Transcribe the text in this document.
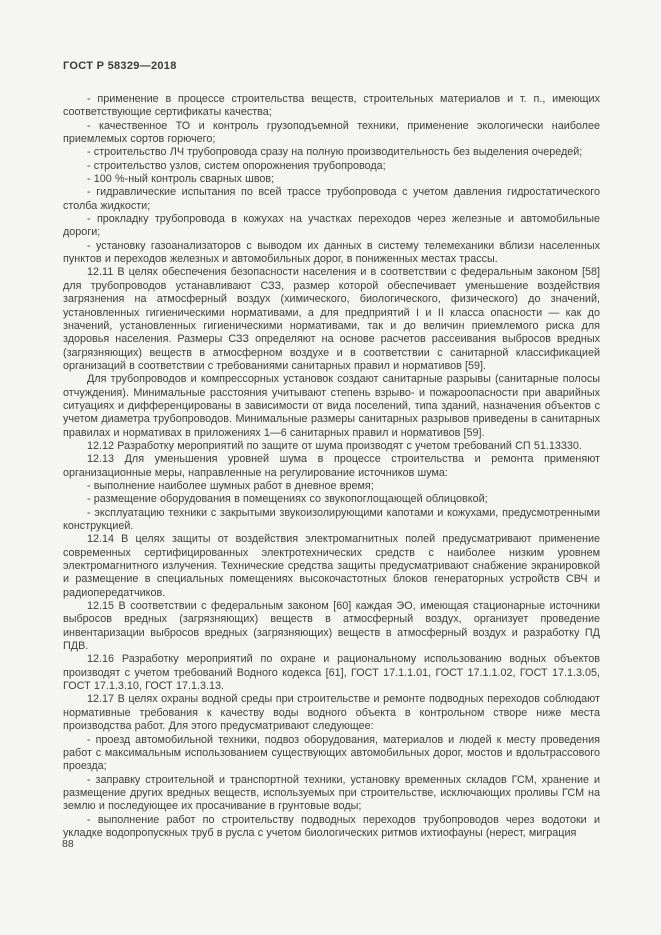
ГОСТ Р 58329—2018

- применение в процессе строительства веществ, строительных материалов и т. п., имеющих соответствующие сертификаты качества;

- качественное ТО и контроль грузоподъемной техники, применение экологически наиболее приемлемых сортов горючего;

- строительство ЛЧ трубопровода сразу на полную производительность без выделения очередей;

- строительство узлов, систем опорожнения трубопровода;

- 100 %-ный контроль сварных швов;

- гидравлические испытания по всей трассе трубопровода с учетом давления гидростатического столба жидкости;

- прокладку трубопровода в кожухах на участках переходов через железные и автомобильные дороги;

- установку газоанализаторов с выводом их данных в систему телемеханики вблизи населенных пунктов и переходов железных и автомобильных дорог, в пониженных местах трассы.

12.11 В целях обеспечения безопасности населения и в соответствии с федеральным законом [58] для трубопроводов устанавливают СЗЗ, размер которой обеспечивает уменьшение воздействия загрязнения на атмосферный воздух (химического, биологического, физического) до значений, установленных гигиеническими нормативами, а для предприятий I и II класса опасности — как до значений, установленных гигиеническими нормативами, так и до величин приемлемого риска для здоровья населения. Размеры СЗЗ определяют на основе расчетов рассеивания выбросов вредных (загрязняющих) веществ в атмосферном воздухе и в соответствии с санитарной классификацией организаций в соответствии с требованиями санитарных правил и нормативов [59].

Для трубопроводов и компрессорных установок создают санитарные разрывы (санитарные полосы отчуждения). Минимальные расстояния учитывают степень взрыво- и пожароопасности при аварийных ситуациях и дифференцированы в зависимости от вида поселений, типа зданий, назначения объектов с учетом диаметра трубопроводов. Минимальные размеры санитарных разрывов приведены в санитарных правилах и нормативах в приложениях 1—6 санитарных правил и нормативов [59].

12.12 Разработку мероприятий по защите от шума производят с учетом требований СП 51.13330.

12.13 Для уменьшения уровней шума в процессе строительства и ремонта применяют организационные меры, направленные на регулирование источников шума:

- выполнение наиболее шумных работ в дневное время;

- размещение оборудования в помещениях со звукопоглощающей облицовкой;

- эксплуатацию техники с закрытыми звукоизолирующими капотами и кожухами, предусмотренными конструкцией.

12.14 В целях защиты от воздействия электромагнитных полей предусматривают применение современных сертифицированных электротехнических средств с наиболее низким уровнем электромагнитного излучения. Технические средства защиты предусматривают снабжение экранировкой и размещение в специальных помещениях высокочастотных блоков генераторных устройств СВЧ и радиопередатчиков.

12.15 В соответствии с федеральным законом [60] каждая ЭО, имеющая стационарные источники выбросов вредных (загрязняющих) веществ в атмосферный воздух, организует проведение инвентаризации выбросов вредных (загрязняющих) веществ в атмосферный воздух и разработку ПД ПДВ.

12.16 Разработку мероприятий по охране и рациональному использованию водных объектов производят с учетом требований Водного кодекса [61], ГОСТ 17.1.1.01, ГОСТ 17.1.1.02, ГОСТ 17.1.3.05, ГОСТ 17.1.3.10, ГОСТ 17.1.3.13.

12.17 В целях охраны водной среды при строительстве и ремонте подводных переходов соблюдают нормативные требования к качеству воды водного объекта в контрольном створе ниже места производства работ. Для этого предусматривают следующее:

- проезд автомобильной техники, подвоз оборудования, материалов и людей к месту проведения работ с максимальным использованием существующих автомобильных дорог, мостов и вдольтрассового проезда;

- заправку строительной и транспортной техники, установку временных складов ГСМ, хранение и размещение других вредных веществ, используемых при строительстве, исключающих проливы ГСМ на землю и последующее их просачивание в грунтовые воды;

- выполнение работ по строительству подводных переходов трубопроводов через водотоки и укладке водопропускных труб в русла с учетом биологических ритмов ихтиофауны (нерест, миграция

88
